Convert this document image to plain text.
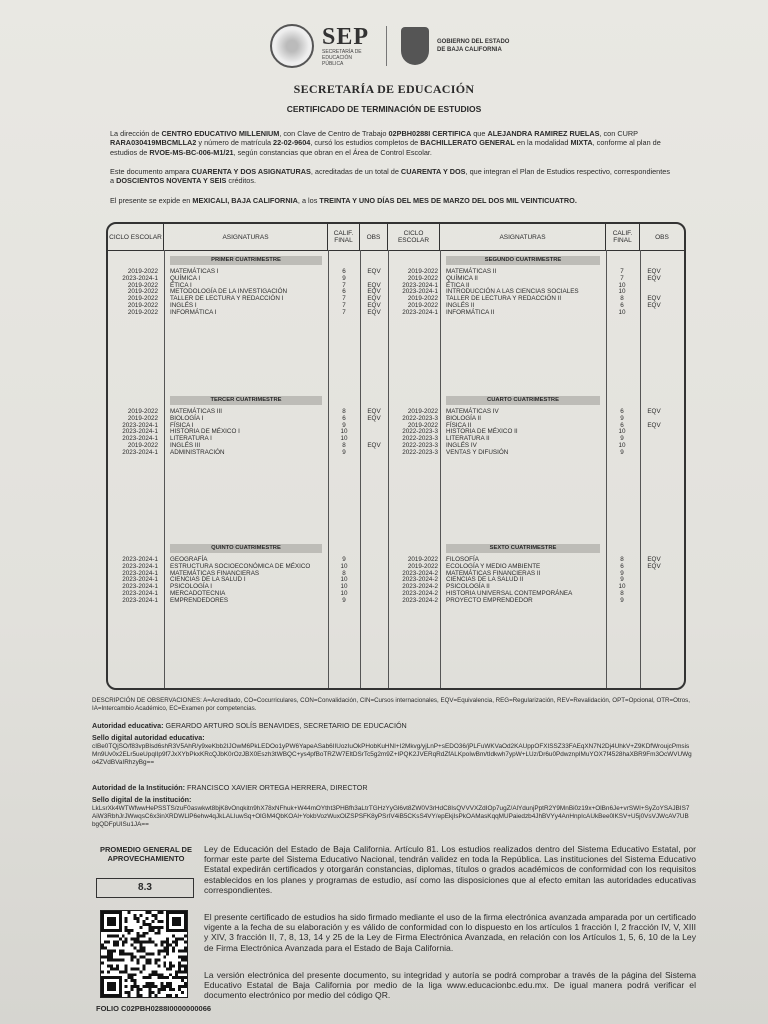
SEP
SECRETARÍA DE EDUCACIÓN PÚBLICA
GOBIERNO DEL ESTADO DE BAJA CALIFORNIA
SECRETARÍA DE EDUCACIÓN
CERTIFICADO DE TERMINACIÓN DE ESTUDIOS
La dirección de CENTRO EDUCATIVO MILLENIUM, con Clave de Centro de Trabajo 02PBH0288I CERTIFICA que ALEJANDRA RAMIREZ RUELAS, con CURP RARA030419MBCMLLA2 y número de matrícula 22-02-9604, cursó los estudios completos de BACHILLERATO GENERAL en la modalidad MIXTA, conforme al plan de estudios de RVOE-MS-BC-006-M1/21, según constancias que obran en el Área de Control Escolar.
Este documento ampara CUARENTA Y DOS ASIGNATURAS, acreditadas de un total de CUARENTA Y DOS, que integran el Plan de Estudios respectivo, correspondientes a DOSCIENTOS NOVENTA Y SEIS créditos.
El presente se expide en MEXICALI, BAJA CALIFORNIA, a los TREINTA Y UNO DÍAS DEL MES DE MARZO DEL DOS MIL VEINTICUATRO.
CICLO ESCOLAR	ASIGNATURAS	CALIF. FINAL	OBS	CICLO ESCOLAR	ASIGNATURAS	CALIF. FINAL	OBS
PRIMER CUATRIMESTRE
2019-2022 MATEMÁTICAS I	6	EQV
2023-2024-1 QUÍMICA I	9
2019-2022 ÉTICA I	7	EQV
2019-2022 METODOLOGÍA DE LA INVESTIGACIÓN	6	EQV
2019-2022 TALLER DE LECTURA Y REDACCIÓN I	7	EQV
2019-2022 INGLÉS I	7	EQV
2019-2022 INFORMÁTICA I	7	EQV
SEGUNDO CUATRIMESTRE
2019-2022 MATEMÁTICAS II	7	EQV
2019-2022 QUÍMICA II	7	EQV
2023-2024-1 ÉTICA II	10
2023-2024-1 INTRODUCCIÓN A LAS CIENCIAS SOCIALES	10
2019-2022 TALLER DE LECTURA Y REDACCIÓN II	8	EQV
2019-2022 INGLÉS II	6	EQV
2023-2024-1 INFORMÁTICA II	10
TERCER CUATRIMESTRE
2019-2022 MATEMÁTICAS III	8	EQV
2019-2022 BIOLOGÍA I	6	EQV
2023-2024-1 FÍSICA I	9
2023-2024-1 HISTORIA DE MÉXICO I	10
2023-2024-1 LITERATURA I	10
2019-2022 INGLÉS III	8	EQV
2023-2024-1 ADMINISTRACIÓN	9
CUARTO CUATRIMESTRE
2019-2022 MATEMÁTICAS IV	6	EQV
2022-2023-3 BIOLOGÍA II	9
2019-2022 FÍSICA II	6	EQV
2022-2023-3 HISTORIA DE MÉXICO II	10
2022-2023-3 LITERATURA II	9
2022-2023-3 INGLÉS IV	10
2022-2023-3 VENTAS Y DIFUSIÓN	9
QUINTO CUATRIMESTRE
2023-2024-1 GEOGRAFÍA	9
2023-2024-1 ESTRUCTURA SOCIOECONÓMICA DE MÉXICO	10
2023-2024-1 MATEMÁTICAS FINANCIERAS	8
2023-2024-1 CIENCIAS DE LA SALUD I	10
2023-2024-1 PSICOLOGÍA I	10
2023-2024-1 MERCADOTECNIA	10
2023-2024-1 EMPRENDEDORES	9
SEXTO CUATRIMESTRE
2019-2022 FILOSOFÍA	8	EQV
2019-2022 ECOLOGÍA Y MEDIO AMBIENTE	6	EQV
2023-2024-2 MATEMÁTICAS FINANCIERAS II	9
2023-2024-2 CIENCIAS DE LA SALUD II	9
2023-2024-2 PSICOLOGÍA II	10
2023-2024-2 HISTORIA UNIVERSAL CONTEMPORÁNEA	8
2023-2024-2 PROYECTO EMPRENDEDOR	9
DESCRIPCIÓN DE OBSERVACIONES: A=Acreditado, CO=Cocurriculares, CON=Convalidación, CIN=Cursos internacionales, EQV=Equivalencia, REG=Regularización, REV=Revalidación, OPT=Opcional, OTR=Otros, IA=Intercambio Académico, EC=Examen por competencias.
Autoridad educativa: GERARDO ARTURO SOLÍS BENAVIDES, SECRETARIO DE EDUCACIÓN
Sello digital autoridad educativa:
cIBe0TQjSO/f83vpBlsd6shR3V5AhR/y9xeKbb2IJOwM6PkLEDOo1yPW6YapeASab6IIUozIuOkPHobKuHNI+I2Mkvg/yjLnP+sEDO36/jPLFuWKVaOd2KAUppOFXISSZ33FAEqXN7N2Dj4UhkV+Z9KDfWroujcPmsisMn9Uv0x2ELr5ueUpqIIp9f7JxXYbPkxKRcQJbK0rOzJBX0Eszh3tWBQC+ys4pfBoTRZW7EltDSrTc5g2m9Z+IPQK2JVERqRdZfALKpoIwBm/tIdkwh7ypW+LUz/Dr6u0PdwznpIMuYOX7f4528haXBR9Fm3OcWVUWgo4ZVdBVaIRhzyBg==
Autoridad de la Institución: FRANCISCO XAVIER ORTEGA HERRERA, DIRECTOR
Sello digital de la institución:
LkLsrXk4WTWfwwHePSSTS/zuF0aswkwt8bjK8vOnqkitn9hX78xNFhuk+W44mOYtht3PHBfh3aLtrTGHzYyGl6vt8ZW0V3rHdC8IsQVVVXZdIOp7ugZ/AlYdunjPptR2Y9MnBi0z19x+OlBn6Je+vrSWI+SyZoYSAJBIS7AiW3RbhJrJWwqsC6x3inXRDWLlP6ehw4qJkLALIuwSq+OlGM4QbKOAl+YokbVozWuxOlZSPSFK8yPSrIV4iB5CKsS4VY/epEkjIsPkOAMasKqqMUPaiedzb4JhBVYy4AnHnpIcAUkBee0lKSV+U5j0VsVJWcAV7UBbgQDFpUISu1JA==
PROMEDIO GENERAL DE APROVECHAMIENTO
8.3
Ley de Educación del Estado de Baja California. Artículo 81. Los estudios realizados dentro del Sistema Educativo Estatal, por formar este parte del Sistema Educativo Nacional, tendrán validez en toda la República. Las instituciones del Sistema Educativo Estatal expedirán certificados y otorgarán constancias, diplomas, títulos o grados académicos de conformidad con los requisitos establecidos en los planes y programas de estudio, así como las disposiciones que al efecto emitan las autoridades educativas correspondientes.
El presente certificado de estudios ha sido firmado mediante el uso de la firma electrónica avanzada amparada por un certificado vigente a la fecha de su elaboración y es válido de conformidad con lo dispuesto en los artículos 1 fracción I, 2 fracción IV, V, XIII y XIV, 3 fracción II, 7, 8, 13, 14 y 25 de la Ley de Firma Electrónica Avanzada, en relación con los Artículos 1, 5, 6, 10 de la Ley de Firma Electrónica Avanzada para el Estado de Baja California.
La versión electrónica del presente documento, su integridad y autoría se podrá comprobar a través de la página del Sistema Educativo Estatal de Baja California por medio de la liga www.educacionbc.edu.mx. De igual manera podrá verificar el documento electrónico por medio del código QR.
FOLIO C02PBH0288I0000000066
